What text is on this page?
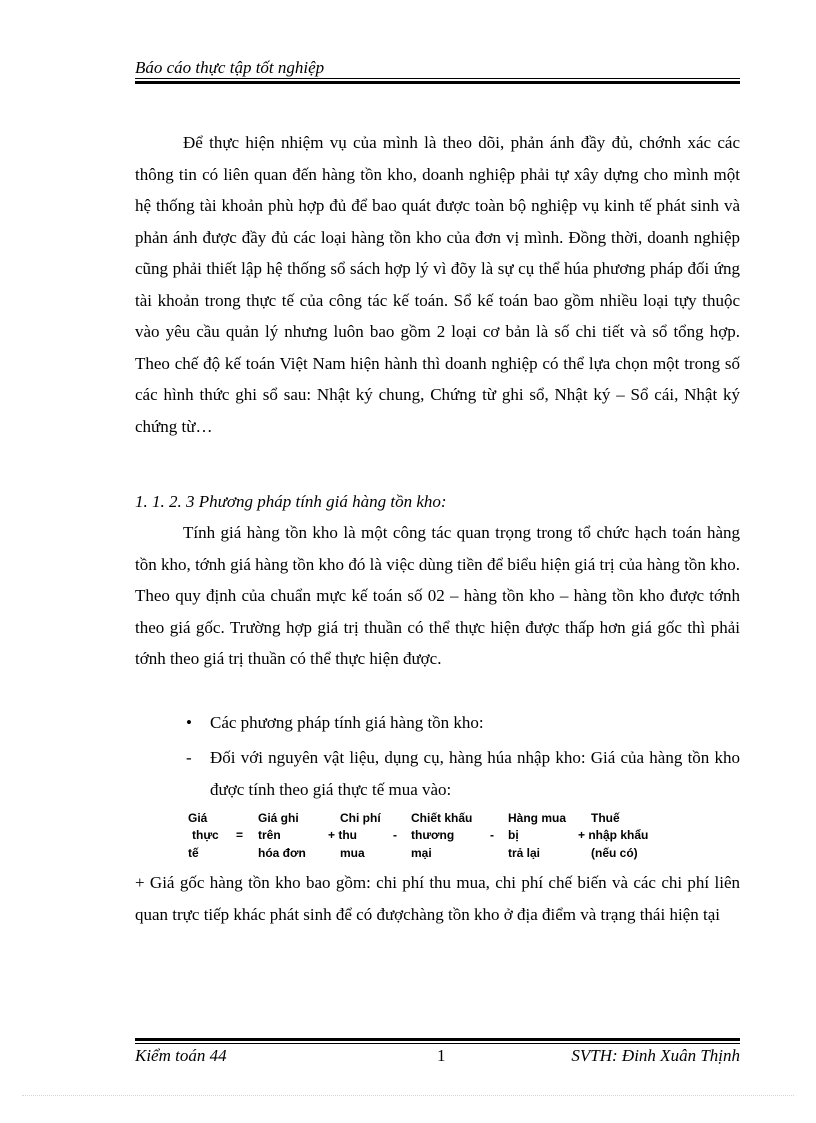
Báo cáo thực tập tốt nghiệp
Để thực hiện nhiệm vụ của mình là theo dõi, phản ánh đầy đủ, chớnh xác các thông tin có liên quan đến hàng tồn kho, doanh nghiệp phải tự xây dựng cho mình một hệ thống tài khoản phù hợp đủ để bao quát được toàn bộ nghiệp vụ kinh tế phát sinh và phản ánh được đầy đủ các loại hàng tồn kho của đơn vị mình. Đồng thời, doanh nghiệp cũng phải thiết lập hệ thống sổ sách hợp lý vì đõy là sự cụ thể húa phương pháp đối ứng tài khoản trong thực tế của công tác kế toán. Sổ kế toán bao gồm nhiều loại tựy thuộc vào yêu cầu quản lý nhưng luôn bao gồm 2 loại cơ bản là số chi tiết và sổ tổng hợp. Theo chế độ kế toán Việt Nam hiện hành thì doanh nghiệp có thể lựa chọn một trong số các hình thức ghi sổ sau: Nhật ký chung, Chứng từ ghi sổ, Nhật ký – Sổ cái, Nhật ký chứng từ…
1. 1. 2. 3 Phương pháp tính giá hàng tồn kho:
Tính giá hàng tồn kho là một công tác quan trọng trong tổ chức hạch toán hàng tồn kho, tớnh giá hàng tồn kho đó là việc dùng tiền để biểu hiện giá trị của hàng tồn kho. Theo quy định của chuẩn mực kế toán số 02 – hàng tồn kho – hàng tồn kho được tớnh theo giá gốc. Trường hợp giá trị thuần có thể thực hiện được thấp hơn giá gốc thì phải tớnh theo giá trị thuần có thể thực hiện được.
• Các phương pháp tính giá hàng tồn kho:
- Đối với nguyên vật liệu, dụng cụ, hàng húa nhập kho: Giá của hàng tồn kho được tính theo giá thực tế mua vào:
Giá
thực
tế
=
Giá ghi
trên
hóa đơn
Chi phí
+ thu
mua
-
Chiết khấu
thương
mại
-
Hàng mua
bị
trả lại
Thuế
+ nhập khẩu
(nếu có)
+ Giá gốc hàng tồn kho bao gồm: chi phí thu mua, chi phí chế biến và các chi phí liên quan trực tiếp khác phát sinh để có đượchàng tồn kho ở địa điểm và trạng thái hiện tại
Kiểm toán 44	1	SVTH: Đinh Xuân Thịnh
